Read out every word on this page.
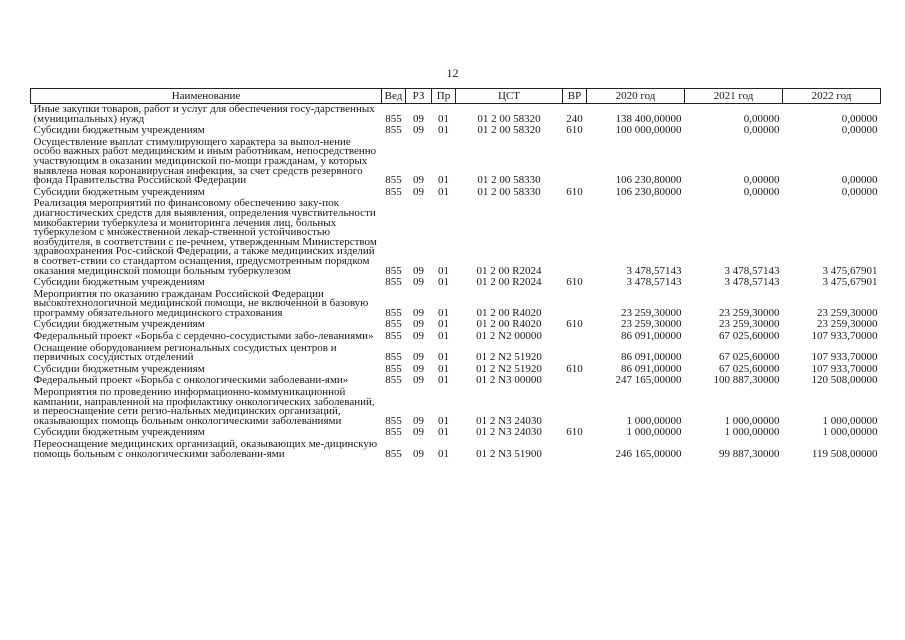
12
Наименование	Вед	РЗ	Пр	ЦСТ	ВР	2020 год	2021 год	2022 год
Иные закупки товаров, работ и услуг для обеспечения госу-дарственных (муниципальных) нужд	855	09	01	01 2 00 58320	240	138 400,00000	0,00000	0,00000
Субсидии бюджетным учреждениям	855	09	01	01 2 00 58320	610	100 000,00000	0,00000	0,00000
Осуществление выплат стимулирующего характера за выпол-нение особо важных работ медицинским и иным работникам, непосредственно участвующим в оказании медицинской по-мощи гражданам, у которых выявлена новая коронавирусная инфекция, за счет средств резервного фонда Правительства Российской Федерации	855	09	01	01 2 00 58330		106 230,80000	0,00000	0,00000
Субсидии бюджетным учреждениям	855	09	01	01 2 00 58330	610	106 230,80000	0,00000	0,00000
Реализация мероприятий по финансовому обеспечению заку-пок диагностических средств для выявления, определения чувствительности микобактерии туберкулеза и мониторинга лечения лиц, больных туберкулезом с множественной лекар-ственной устойчивостью возбудителя, в соответствии с пе-речнем, утвержденным Министерством здравоохранения Рос-сийской Федерации, а также медицинских изделий в соответ-ствии со стандартом оснащения, предусмотренным порядком оказания медицинской помощи больным туберкулезом	855	09	01	01 2 00 R2024		3 478,57143	3 478,57143	3 475,67901
Субсидии бюджетным учреждениям	855	09	01	01 2 00 R2024	610	3 478,57143	3 478,57143	3 475,67901
Мероприятия по оказанию гражданам Российской Федерации высокотехнологичной медицинской помощи, не включенной в базовую программу обязательного медицинского страхования	855	09	01	01 2 00 R4020		23 259,30000	23 259,30000	23 259,30000
Субсидии бюджетным учреждениям	855	09	01	01 2 00 R4020	610	23 259,30000	23 259,30000	23 259,30000
Федеральный проект «Борьба с сердечно-сосудистыми забо-леваниями»	855	09	01	01 2 N2 00000		86 091,00000	67 025,60000	107 933,70000
Оснащение оборудованием региональных сосудистых центров и первичных сосудистых отделений	855	09	01	01 2 N2 51920		86 091,00000	67 025,60000	107 933,70000
Субсидии бюджетным учреждениям	855	09	01	01 2 N2 51920	610	86 091,00000	67 025,60000	107 933,70000
Федеральный проект «Борьба с онкологическими заболевани-ями»	855	09	01	01 2 N3 00000		247 165,00000	100 887,30000	120 508,00000
Мероприятия по проведению информационно-коммуникационной кампании, направленной на профилактику онкологических заболеваний, и переоснащение сети регио-нальных медицинских организаций, оказывающих помощь больным онкологическими заболеваниями	855	09	01	01 2 N3 24030		1 000,00000	1 000,00000	1 000,00000
Субсидии бюджетным учреждениям	855	09	01	01 2 N3 24030	610	1 000,00000	1 000,00000	1 000,00000
Переоснащение медицинских организаций, оказывающих ме-дицинскую помощь больным с онкологическими заболевани-ями	855	09	01	01 2 N3 51900		246 165,00000	99 887,30000	119 508,00000
